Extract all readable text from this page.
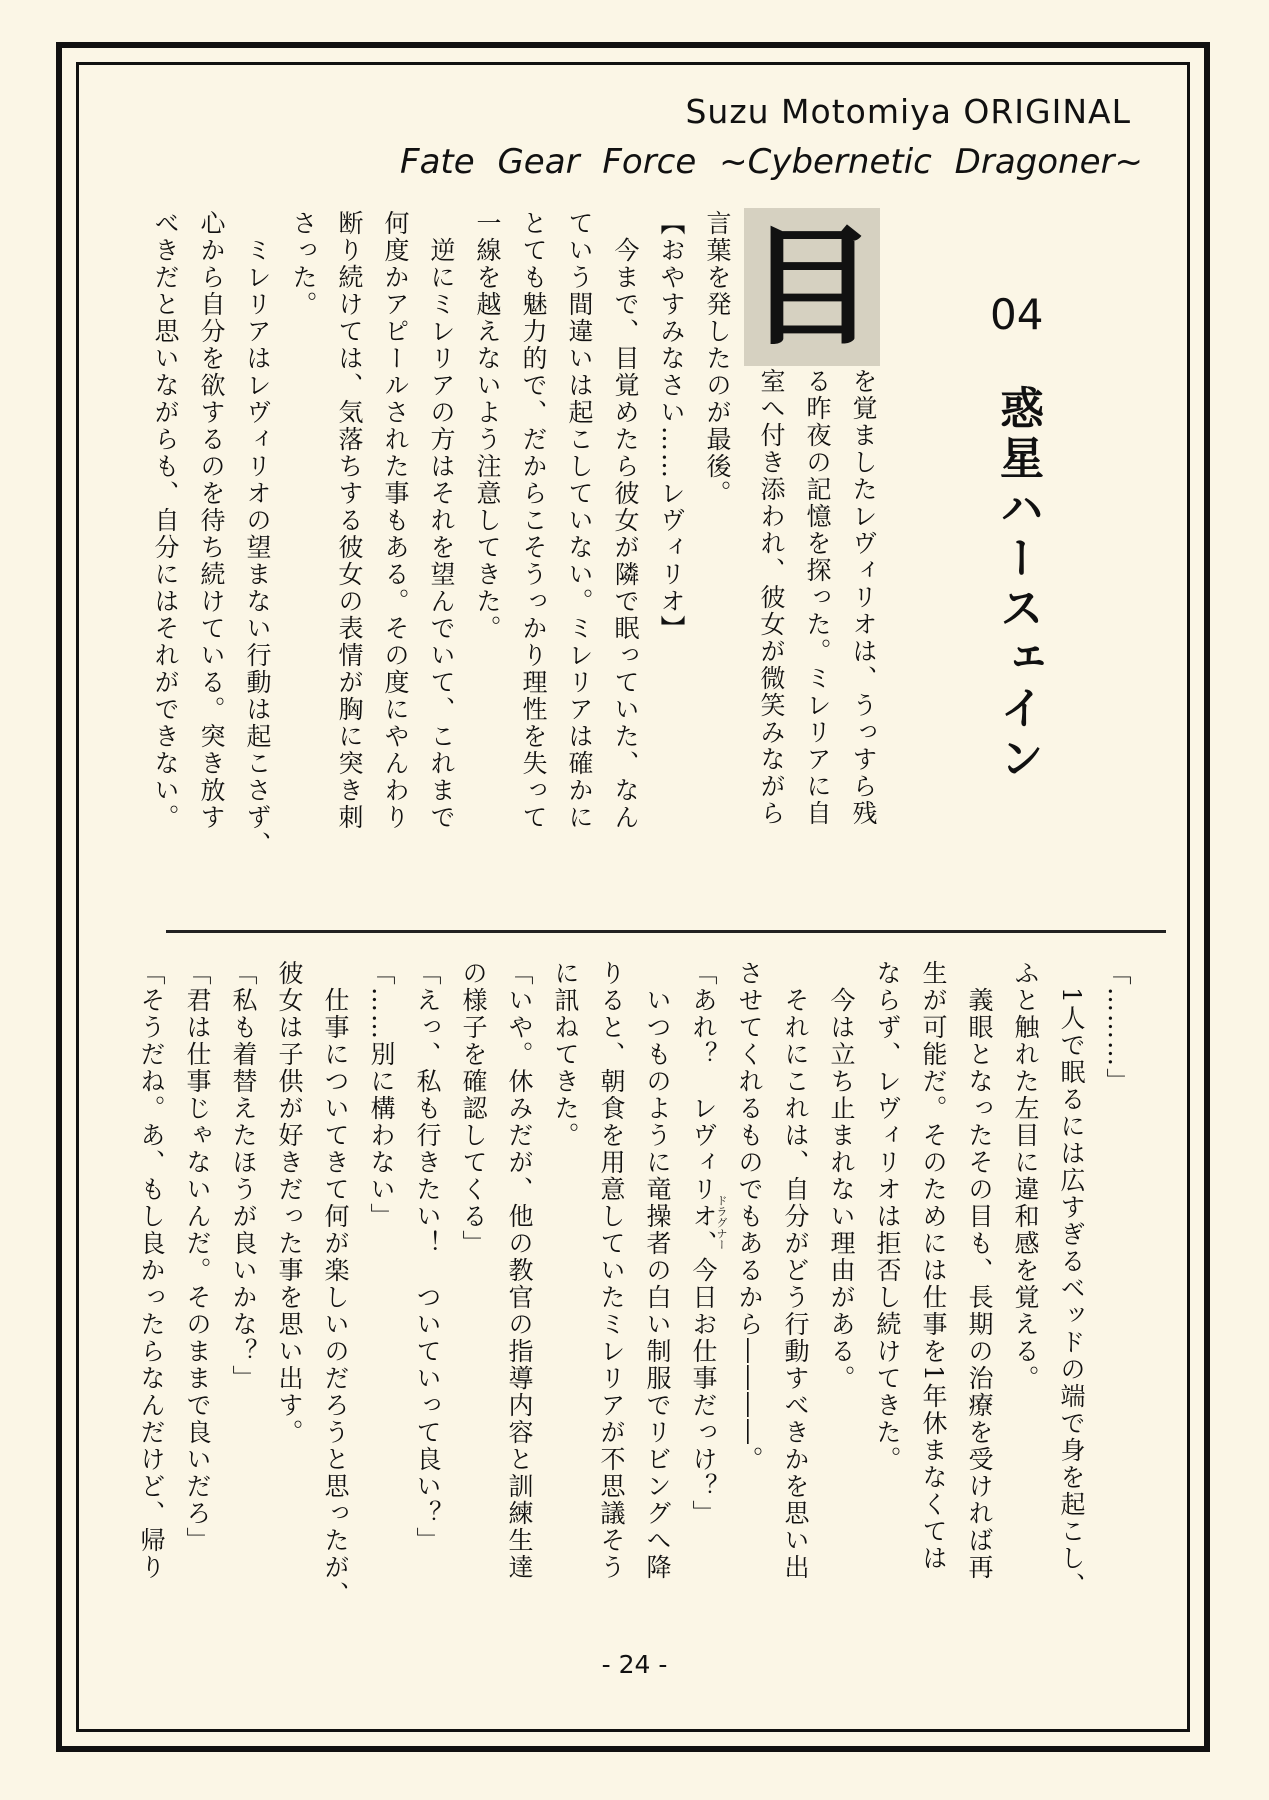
Suzu Motomiya ORIGINAL
Fate Gear Force ~Cybernetic Dragoner~
04
惑星ハースェイン
目
を覚ましたレヴィリオは、うっすら残
る昨夜の記憶を探った。ミレリアに自
室へ付き添われ、彼女が微笑みながら
言葉を発したのが最後。
【おやすみなさい……レヴィリオ】
　今まで、目覚めたら彼女が隣で眠っていた、なん
ていう間違いは起こしていない。ミレリアは確かに
とても魅力的で、だからこそうっかり理性を失って
一線を越えないよう注意してきた。
　逆にミレリアの方はそれを望んでいて、これまで
何度かアピールされた事もある。その度にやんわり
断り続けては、気落ちする彼女の表情が胸に突き刺
さった。
　ミレリアはレヴィリオの望まない行動は起こさず、
心から自分を欲するのを待ち続けている。突き放す
べきだと思いながらも、自分にはそれができない。
「………」
　1人で眠るには広すぎるベッドの端で身を起こし、
ふと触れた左目に違和感を覚える。
　義眼となったその目も、長期の治療を受ければ再
生が可能だ。そのためには仕事を1年休まなくては
ならず、レヴィリオは拒否し続けてきた。
　今は立ち止まれない理由がある。
　それにこれは、自分がどう行動すべきかを思い出
させてくれるものでもあるから――――。
「あれ？　レヴィリオ、今日お仕事だっけ？」
　いつものように竜操者の白い制服でリビングへ降
りると、朝食を用意していたミレリアが不思議そう
に訊ねてきた。
「いや。休みだが、他の教官の指導内容と訓練生達
の様子を確認してくる」
「えっ、私も行きたい！　ついていって良い？」
「……別に構わない」
　仕事についてきて何が楽しいのだろうと思ったが、
彼女は子供が好きだった事を思い出す。
「私も着替えたほうが良いかな？」
「君は仕事じゃないんだ。そのままで良いだろ」
「そうだね。あ、もし良かったらなんだけど、帰り	ドラグナー
- 24 -
